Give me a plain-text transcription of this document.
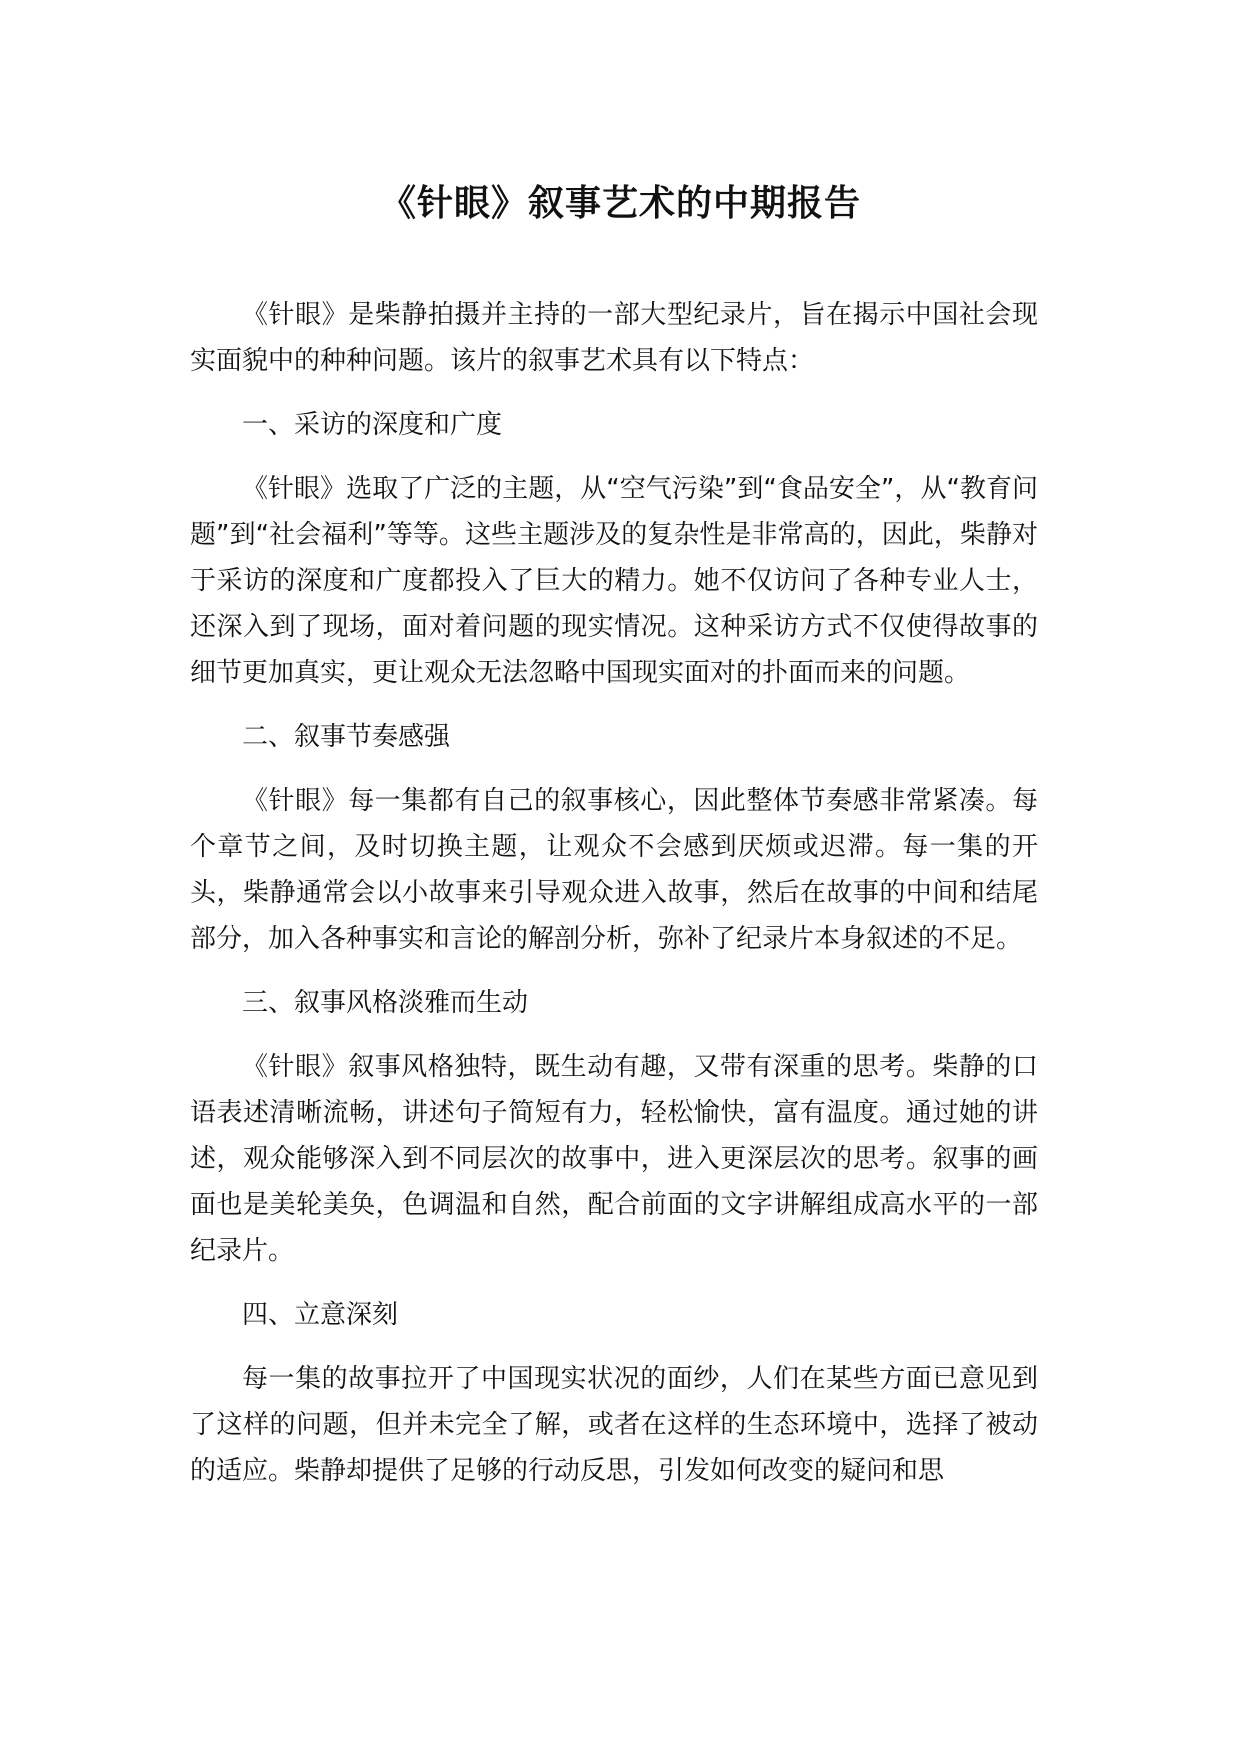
《针眼》叙事艺术的中期报告

《针眼》是柴静拍摄并主持的一部大型纪录片，旨在揭示中国社会现实面貌中的种种问题。该片的叙事艺术具有以下特点：

一、采访的深度和广度

《针眼》选取了广泛的主题，从“空气污染”到“食品安全”，从“教育问题”到“社会福利”等等。这些主题涉及的复杂性是非常高的，因此，柴静对于采访的深度和广度都投入了巨大的精力。她不仅访问了各种专业人士，还深入到了现场，面对着问题的现实情况。这种采访方式不仅使得故事的细节更加真实，更让观众无法忽略中国现实面对的扑面而来的问题。

二、叙事节奏感强

《针眼》每一集都有自己的叙事核心，因此整体节奏感非常紧凑。每个章节之间，及时切换主题，让观众不会感到厌烦或迟滞。每一集的开头，柴静通常会以小故事来引导观众进入故事，然后在故事的中间和结尾部分，加入各种事实和言论的解剖分析，弥补了纪录片本身叙述的不足。

三、叙事风格淡雅而生动

《针眼》叙事风格独特，既生动有趣，又带有深重的思考。柴静的口语表述清晰流畅，讲述句子简短有力，轻松愉快，富有温度。通过她的讲述，观众能够深入到不同层次的故事中，进入更深层次的思考。叙事的画面也是美轮美奂，色调温和自然，配合前面的文字讲解组成高水平的一部纪录片。

四、立意深刻

每一集的故事拉开了中国现实状况的面纱，人们在某些方面已意见到了这样的问题，但并未完全了解，或者在这样的生态环境中，选择了被动的适应。柴静却提供了足够的行动反思，引发如何改变的疑问和思
